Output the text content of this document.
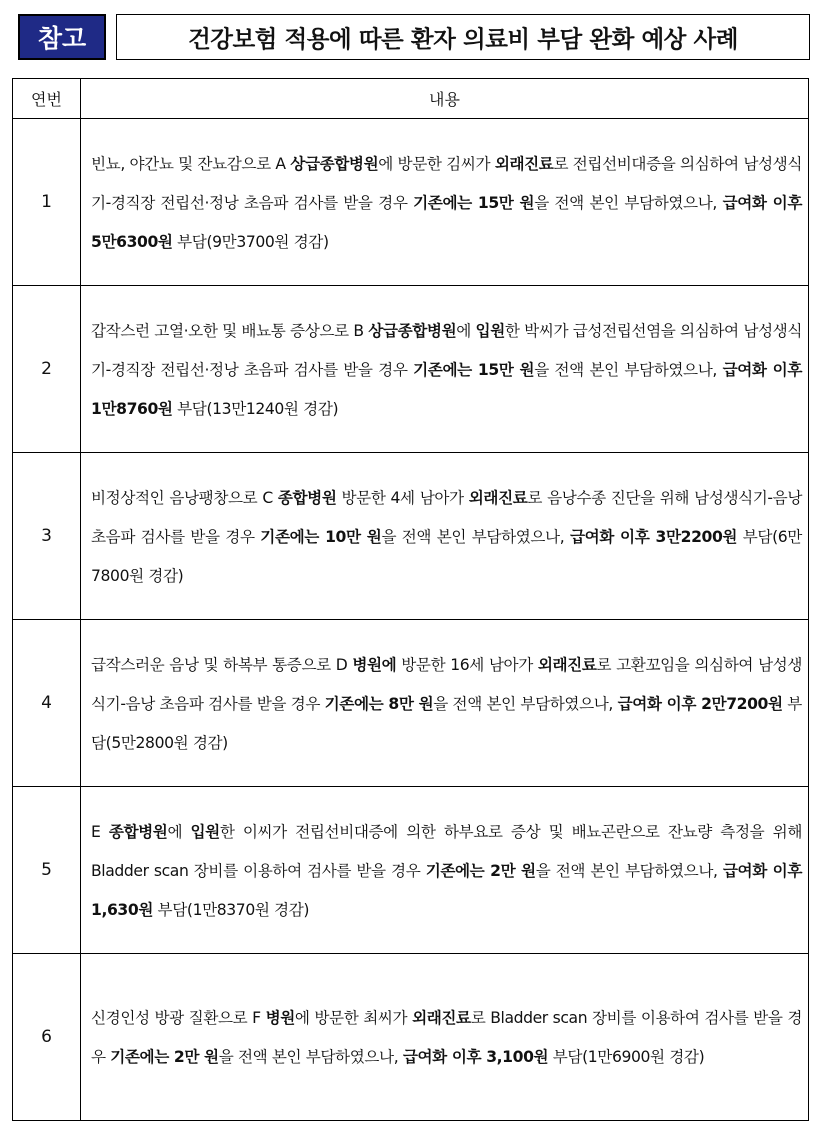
참고	건강보험 적용에 따른 환자 의료비 부담 완화 예상 사례
연번	내용
1	빈뇨, 야간뇨 및 잔뇨감으로 A 상급종합병원에 방문한 김씨가 외래진료로 전립선비대증을 의심하여 남성생식기-경직장 전립선·정낭 초음파 검사를 받을 경우 기존에는 15만 원을 전액 본인 부담하였으나, 급여화 이후 5만6300원 부담(9만3700원 경감)
2	갑작스런 고열·오한 및 배뇨통 증상으로 B 상급종합병원에 입원한 박씨가 급성전립선염을 의심하여 남성생식기-경직장 전립선·정낭 초음파 검사를 받을 경우 기존에는 15만 원을 전액 본인 부담하였으나, 급여화 이후 1만8760원 부담(13만1240원 경감)
3	비정상적인 음낭팽창으로 C 종합병원 방문한 4세 남아가 외래진료로 음낭수종 진단을 위해 남성생식기-음낭 초음파 검사를 받을 경우 기존에는 10만 원을 전액 본인 부담하였으나, 급여화 이후 3만2200원 부담(6만7800원 경감)
4	급작스러운 음낭 및 하복부 통증으로 D 병원에 방문한 16세 남아가 외래진료로 고환꼬임을 의심하여 남성생식기-음낭 초음파 검사를 받을 경우 기존에는 8만 원을 전액 본인 부담하였으나, 급여화 이후 2만7200원 부담(5만2800원 경감)
5	E 종합병원에 입원한 이씨가 전립선비대증에 의한 하부요로 증상 및 배뇨곤란으로 잔뇨량 측정을 위해 Bladder scan 장비를 이용하여 검사를 받을 경우 기존에는 2만 원을 전액 본인 부담하였으나, 급여화 이후 1,630원 부담(1만8370원 경감)
6	신경인성 방광 질환으로 F 병원에 방문한 최씨가 외래진료로 Bladder scan 장비를 이용하여 검사를 받을 경우 기존에는 2만 원을 전액 본인 부담하였으나, 급여화 이후 3,100원 부담(1만6900원 경감)
